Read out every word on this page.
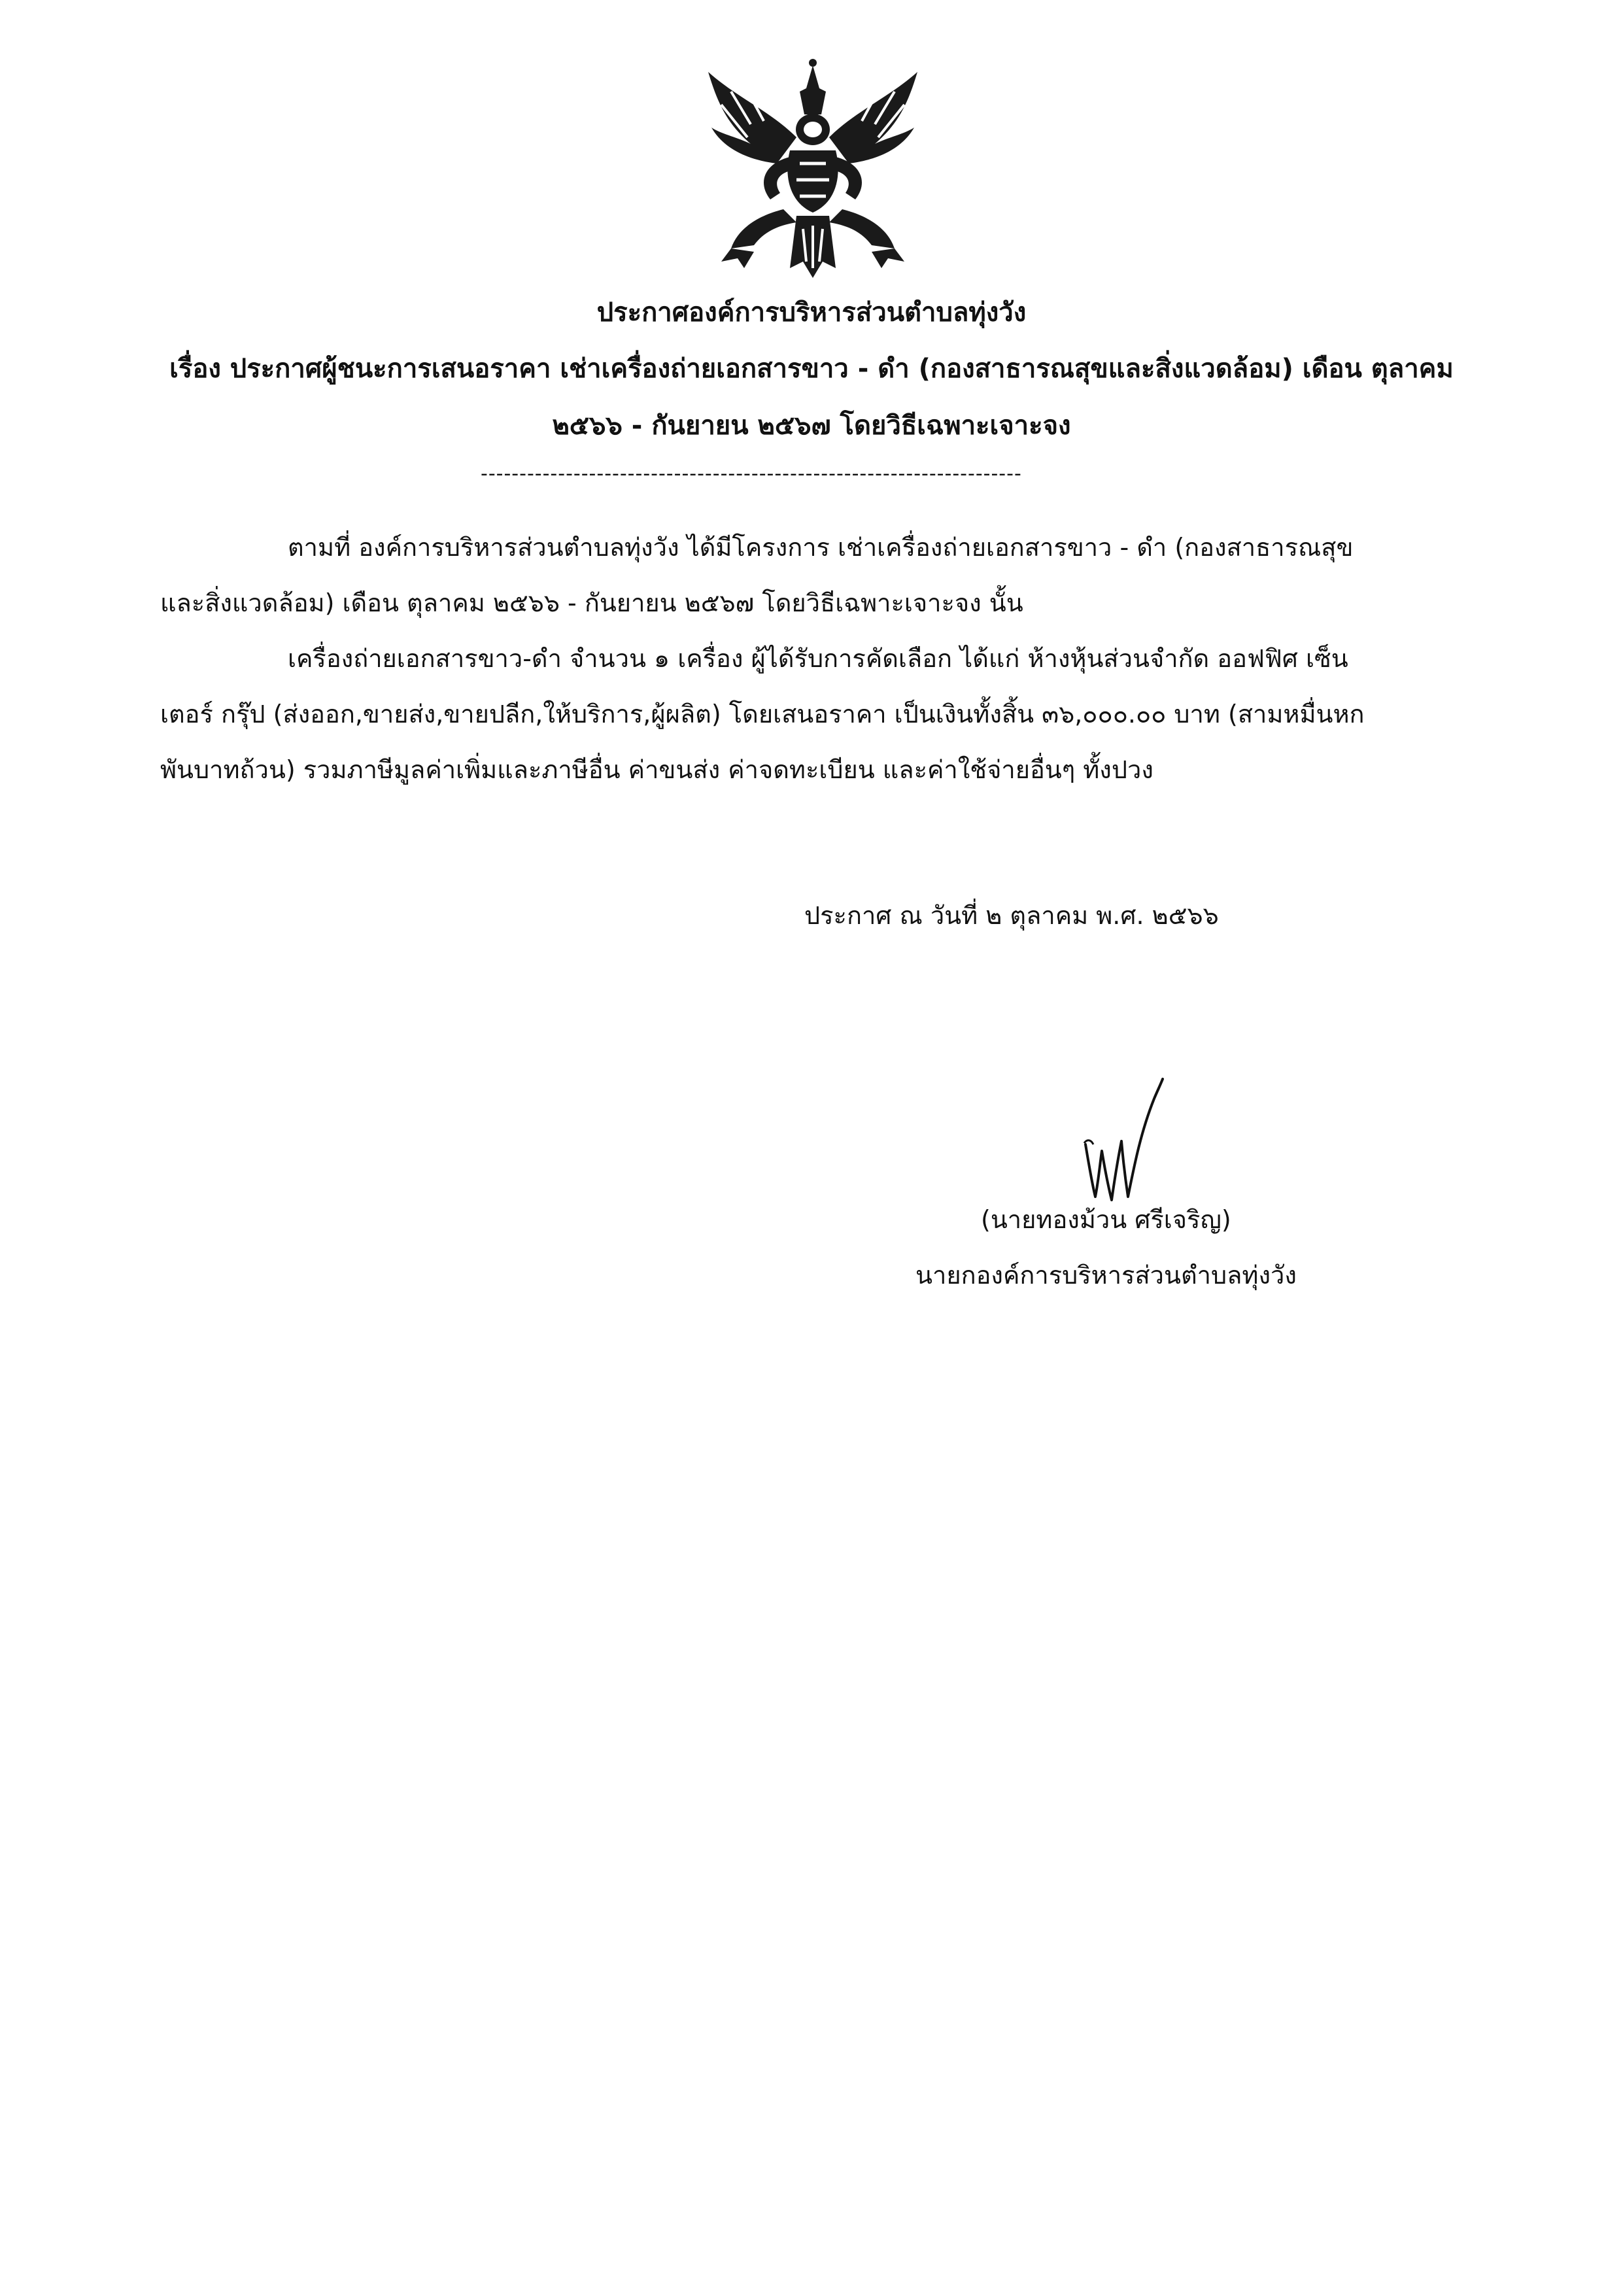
ประกาศองค์การบริหารส่วนตำบลทุ่งวัง
เรื่อง ประกาศผู้ชนะการเสนอราคา เช่าเครื่องถ่ายเอกสารขาว - ดำ (กองสาธารณสุขและสิ่งแวดล้อม) เดือน ตุลาคม
๒๕๖๖ - กันยายน ๒๕๖๗ โดยวิธีเฉพาะเจาะจง
----------------------------------------------------------------------
ตามที่ องค์การบริหารส่วนตำบลทุ่งวัง ได้มีโครงการ เช่าเครื่องถ่ายเอกสารขาว - ดำ (กองสาธารณสุข
และสิ่งแวดล้อม) เดือน ตุลาคม ๒๕๖๖ - กันยายน ๒๕๖๗ โดยวิธีเฉพาะเจาะจง นั้น
เครื่องถ่ายเอกสารขาว-ดำ จำนวน ๑ เครื่อง ผู้ได้รับการคัดเลือก ได้แก่ ห้างหุ้นส่วนจำกัด ออฟฟิศ เซ็น
เตอร์ กรุ๊ป (ส่งออก,ขายส่ง,ขายปลีก,ให้บริการ,ผู้ผลิต) โดยเสนอราคา เป็นเงินทั้งสิ้น ๓๖,๐๐๐.๐๐ บาท (สามหมื่นหก
พันบาทถ้วน) รวมภาษีมูลค่าเพิ่มและภาษีอื่น ค่าขนส่ง ค่าจดทะเบียน และค่าใช้จ่ายอื่นๆ ทั้งปวง
ประกาศ ณ วันที่ ๒ ตุลาคม พ.ศ. ๒๕๖๖
(นายทองม้วน ศรีเจริญ)
นายกองค์การบริหารส่วนตำบลทุ่งวัง
